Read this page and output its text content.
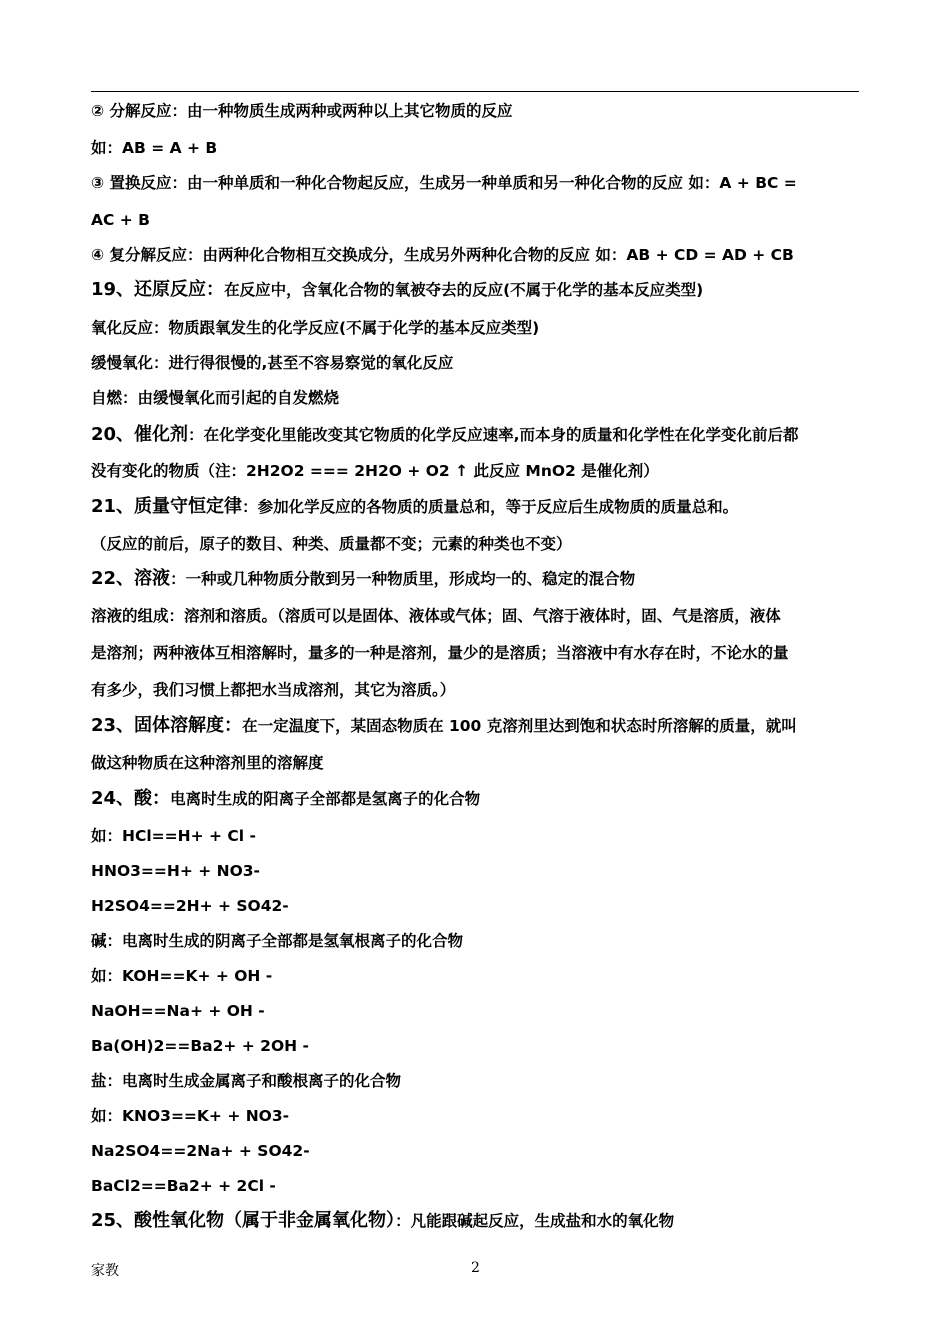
② 分解反应：由一种物质生成两种或两种以上其它物质的反应
如：AB = A + B
③ 置换反应：由一种单质和一种化合物起反应，生成另一种单质和另一种化合物的反应 如：A + BC =
AC + B
④ 复分解反应：由两种化合物相互交换成分，生成另外两种化合物的反应 如：AB + CD = AD + CB
19、还原反应：在反应中，含氧化合物的氧被夺去的反应(不属于化学的基本反应类型)
氧化反应：物质跟氧发生的化学反应(不属于化学的基本反应类型)
缓慢氧化：进行得很慢的,甚至不容易察觉的氧化反应
自燃：由缓慢氧化而引起的自发燃烧
20、催化剂：在化学变化里能改变其它物质的化学反应速率,而本身的质量和化学性在化学变化前后都
没有变化的物质（注：2H2O2 === 2H2O + O2 ↑ 此反应 MnO2 是催化剂）
21、质量守恒定律：参加化学反应的各物质的质量总和，等于反应后生成物质的质量总和。
（反应的前后，原子的数目、种类、质量都不变；元素的种类也不变）
22、溶液：一种或几种物质分散到另一种物质里，形成均一的、稳定的混合物
溶液的组成：溶剂和溶质。（溶质可以是固体、液体或气体；固、气溶于液体时，固、气是溶质，液体
是溶剂；两种液体互相溶解时，量多的一种是溶剂，量少的是溶质；当溶液中有水存在时，不论水的量
有多少，我们习惯上都把水当成溶剂，其它为溶质。）
23、固体溶解度：在一定温度下，某固态物质在 100 克溶剂里达到饱和状态时所溶解的质量，就叫
做这种物质在这种溶剂里的溶解度
24、酸：电离时生成的阳离子全部都是氢离子的化合物
如：HCl==H+ + Cl -
HNO3==H+ + NO3-
H2SO4==2H+ + SO42-
碱：电离时生成的阴离子全部都是氢氧根离子的化合物
如：KOH==K+ + OH -
NaOH==Na+ + OH -
Ba(OH)2==Ba2+ + 2OH -
盐：电离时生成金属离子和酸根离子的化合物
如：KNO3==K+ + NO3-
Na2SO4==2Na+ + SO42-
BaCl2==Ba2+ + 2Cl -
25、酸性氧化物（属于非金属氧化物）：凡能跟碱起反应，生成盐和水的氧化物
家教	2
